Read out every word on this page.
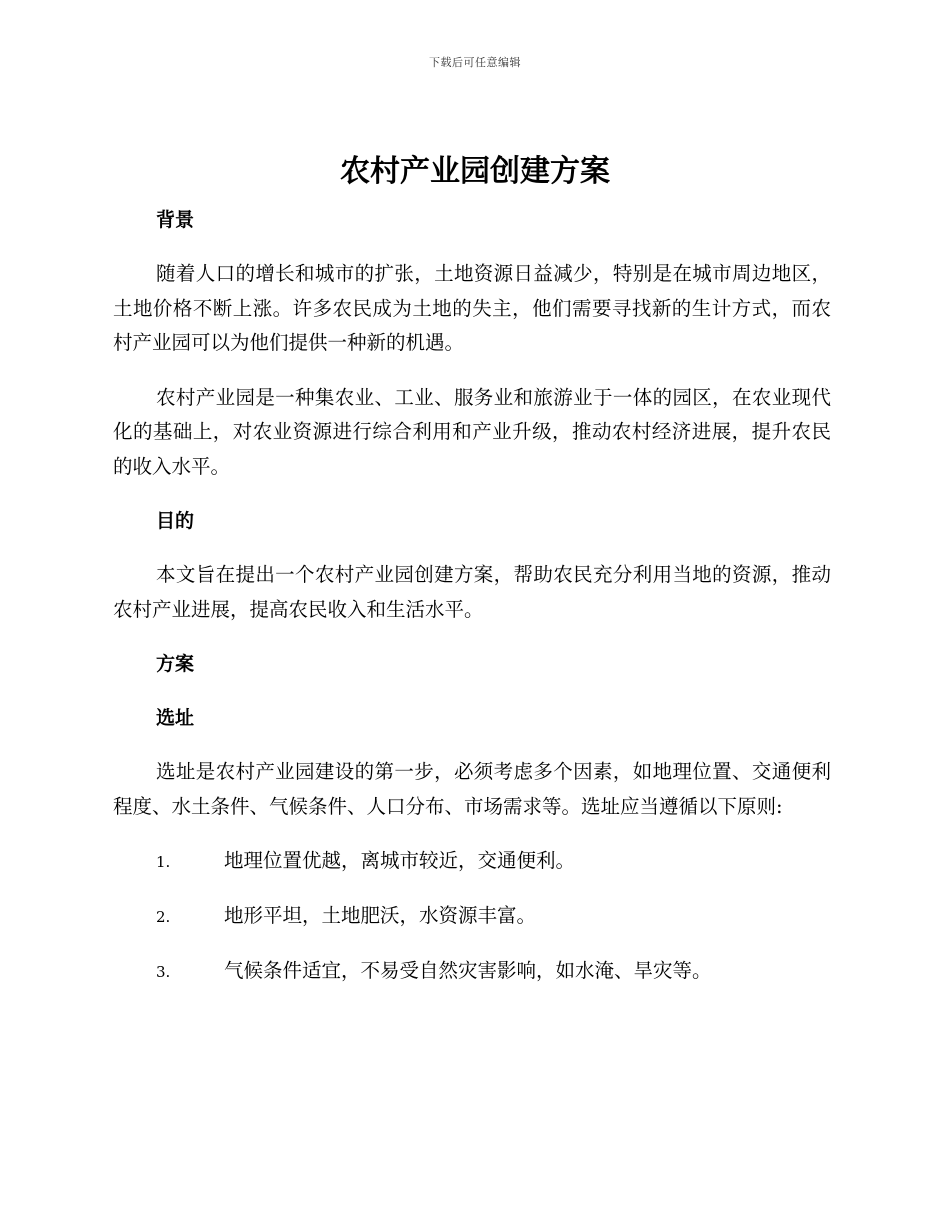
下载后可任意编辑
农村产业园创建方案
背景

随着人口的增长和城市的扩张，土地资源日益减少，特别是在城市周边地区，土地价格不断上涨。许多农民成为土地的失主，他们需要寻找新的生计方式，而农村产业园可以为他们提供一种新的机遇。

农村产业园是一种集农业、工业、服务业和旅游业于一体的园区，在农业现代化的基础上，对农业资源进行综合利用和产业升级，推动农村经济进展，提升农民的收入水平。

目的

本文旨在提出一个农村产业园创建方案，帮助农民充分利用当地的资源，推动农村产业进展，提高农民收入和生活水平。

方案
选址

选址是农村产业园建设的第一步，必须考虑多个因素，如地理位置、交通便利程度、水土条件、气候条件、人口分布、市场需求等。选址应当遵循以下原则:

1.	地理位置优越，离城市较近，交通便利。
2.	地形平坦，土地肥沃，水资源丰富。
3.	气候条件适宜，不易受自然灾害影响，如水淹、旱灾等。
